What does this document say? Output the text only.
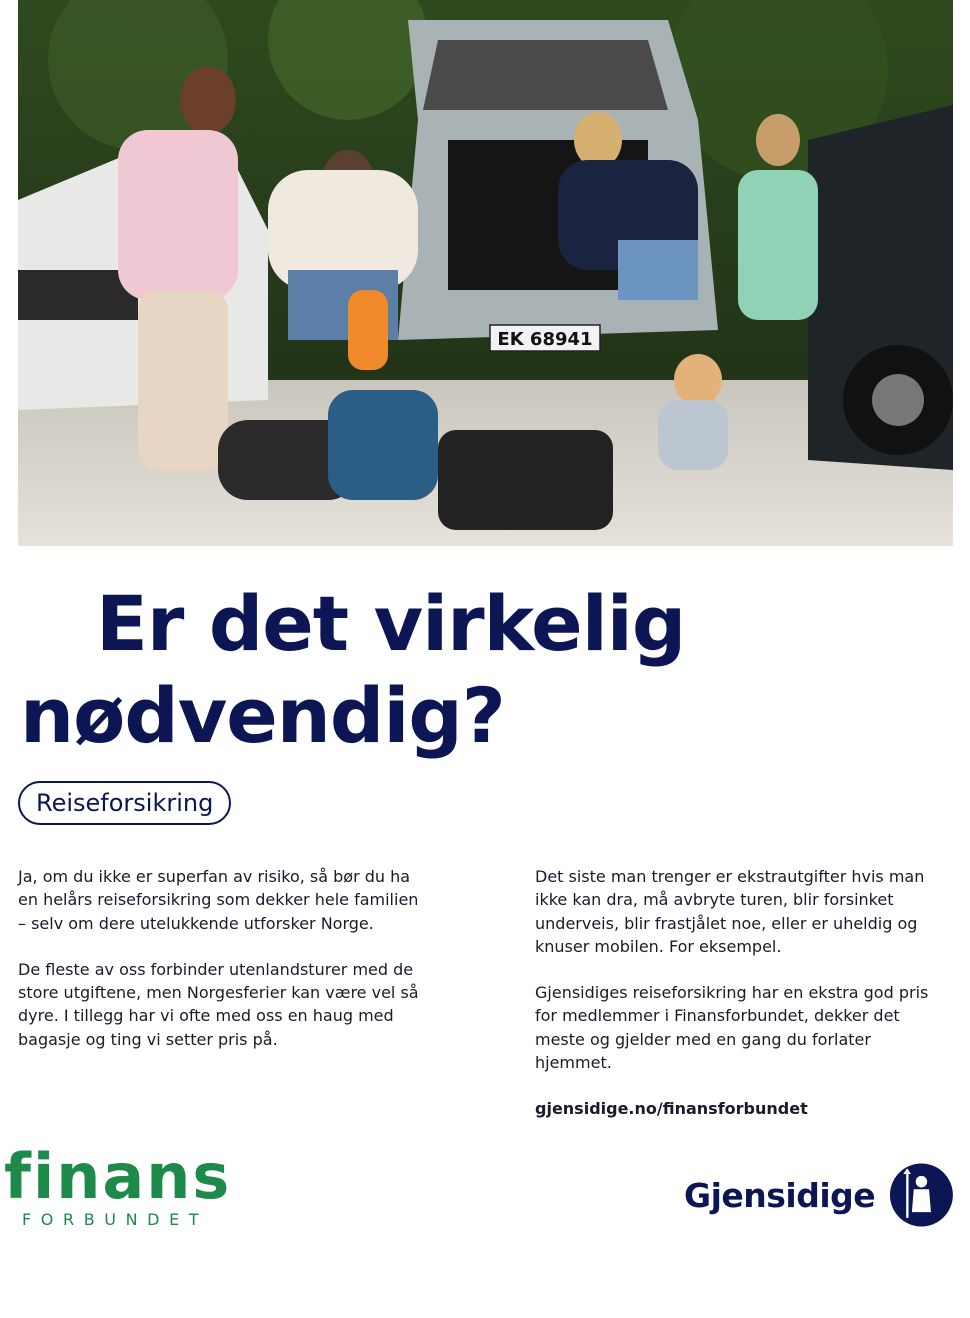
EK 68941
Er det virkelig
nødvendig?
Reiseforsikring

Ja, om du ikke er superfan av risiko, så bør du ha en helårs reiseforsikring som dekker hele familien – selv om dere utelukkende utforsker Norge.

De fleste av oss forbinder utenlandsturer med de store utgiftene, men Norgesferier kan være vel så dyre. I tillegg har vi ofte med oss en haug med bagasje og ting vi setter pris på.

Det siste man trenger er ekstrautgifter hvis man ikke kan dra, må avbryte turen, blir forsinket underveis, blir frastjålet noe, eller er uheldig og knuser mobilen. For eksempel.

Gjensidiges reiseforsikring har en ekstra god pris for medlemmer i Finansforbundet, dekker det meste og gjelder med en gang du forlater hjemmet.

gjensidige.no/finansforbundet

finans
FORBUNDET
Gjensidige
